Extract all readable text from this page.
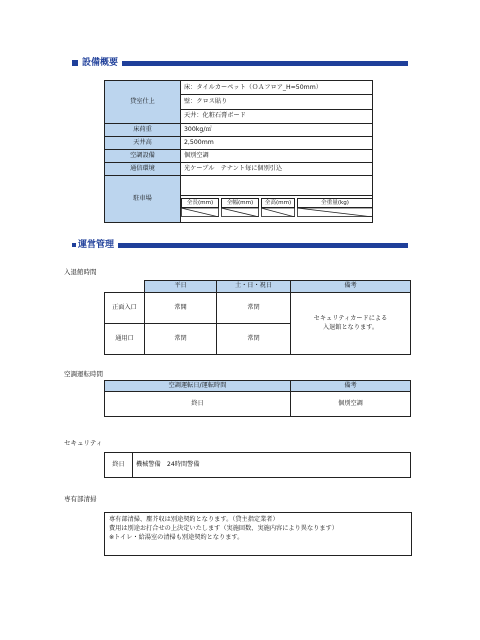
設備概要
貸室仕上	床：タイルカーペット（ＯＡフロア_H=50mm）
	壁：クロス貼り
	天井：化粧石膏ボード
床荷重	300kg/㎡
天井高	2,500mm
空調設備	個別空調
通信環境	光ケーブル　テナント毎に個別引込
駐車場	全長(mm) 全幅(mm) 全高(mm) 全重量(kg)
運営管理
入退館時間
	平日	土・日・祝日	備考
正面入口	常開	常閉	セキュリティカードによる
入退館となります。
通用口	常閉	常閉	
空調運転時間
空調運転日/運転時間	備考
終日	個別空調
セキュリティ
終日	機械警備　24時間警備
専有部清掃
専有部清掃、塵芥収は別途契約となります。（貸主指定業者）
費用は別途お打合せの上決定いたします（実施回数、実施内容により異なります）
※トイレ・給湯室の清掃も別途契約となります。
